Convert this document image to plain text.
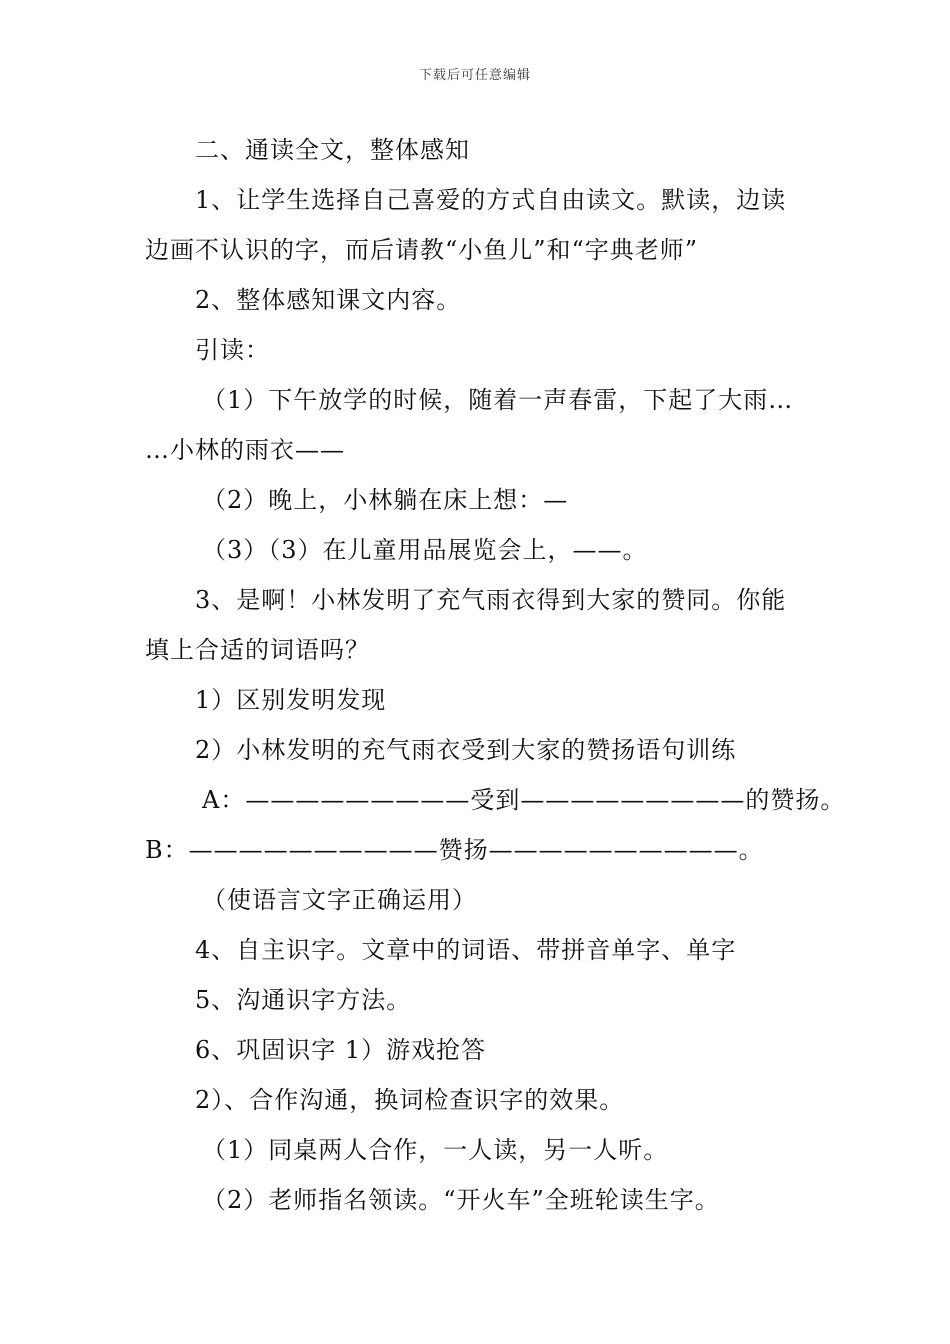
下载后可任意编辑
二、通读全文，整体感知
1、让学生选择自己喜爱的方式自由读文。默读，边读
边画不认识的字，而后请教“小鱼儿”和“字典老师”
2、整体感知课文内容。
引读：
（1）下午放学的时候，随着一声春雷，下起了大雨…
…小林的雨衣——
（2）晚上，小林躺在床上想：—
（3）（3）在儿童用品展览会上，——。
3、是啊！小林发明了充气雨衣得到大家的赞同。你能
填上合适的词语吗？
1）区别发明发现
2）小林发明的充气雨衣受到大家的赞扬语句训练
A：—————————受到—————————的赞扬。
B：——————————赞扬——————————。
（使语言文字正确运用）
4、自主识字。文章中的词语、带拼音单字、单字
5、沟通识字方法。
6、巩固识字 1）游戏抢答
2）、合作沟通，换词检查识字的效果。
（1）同桌两人合作，一人读，另一人听。
（2）老师指名领读。“开火车”全班轮读生字。
